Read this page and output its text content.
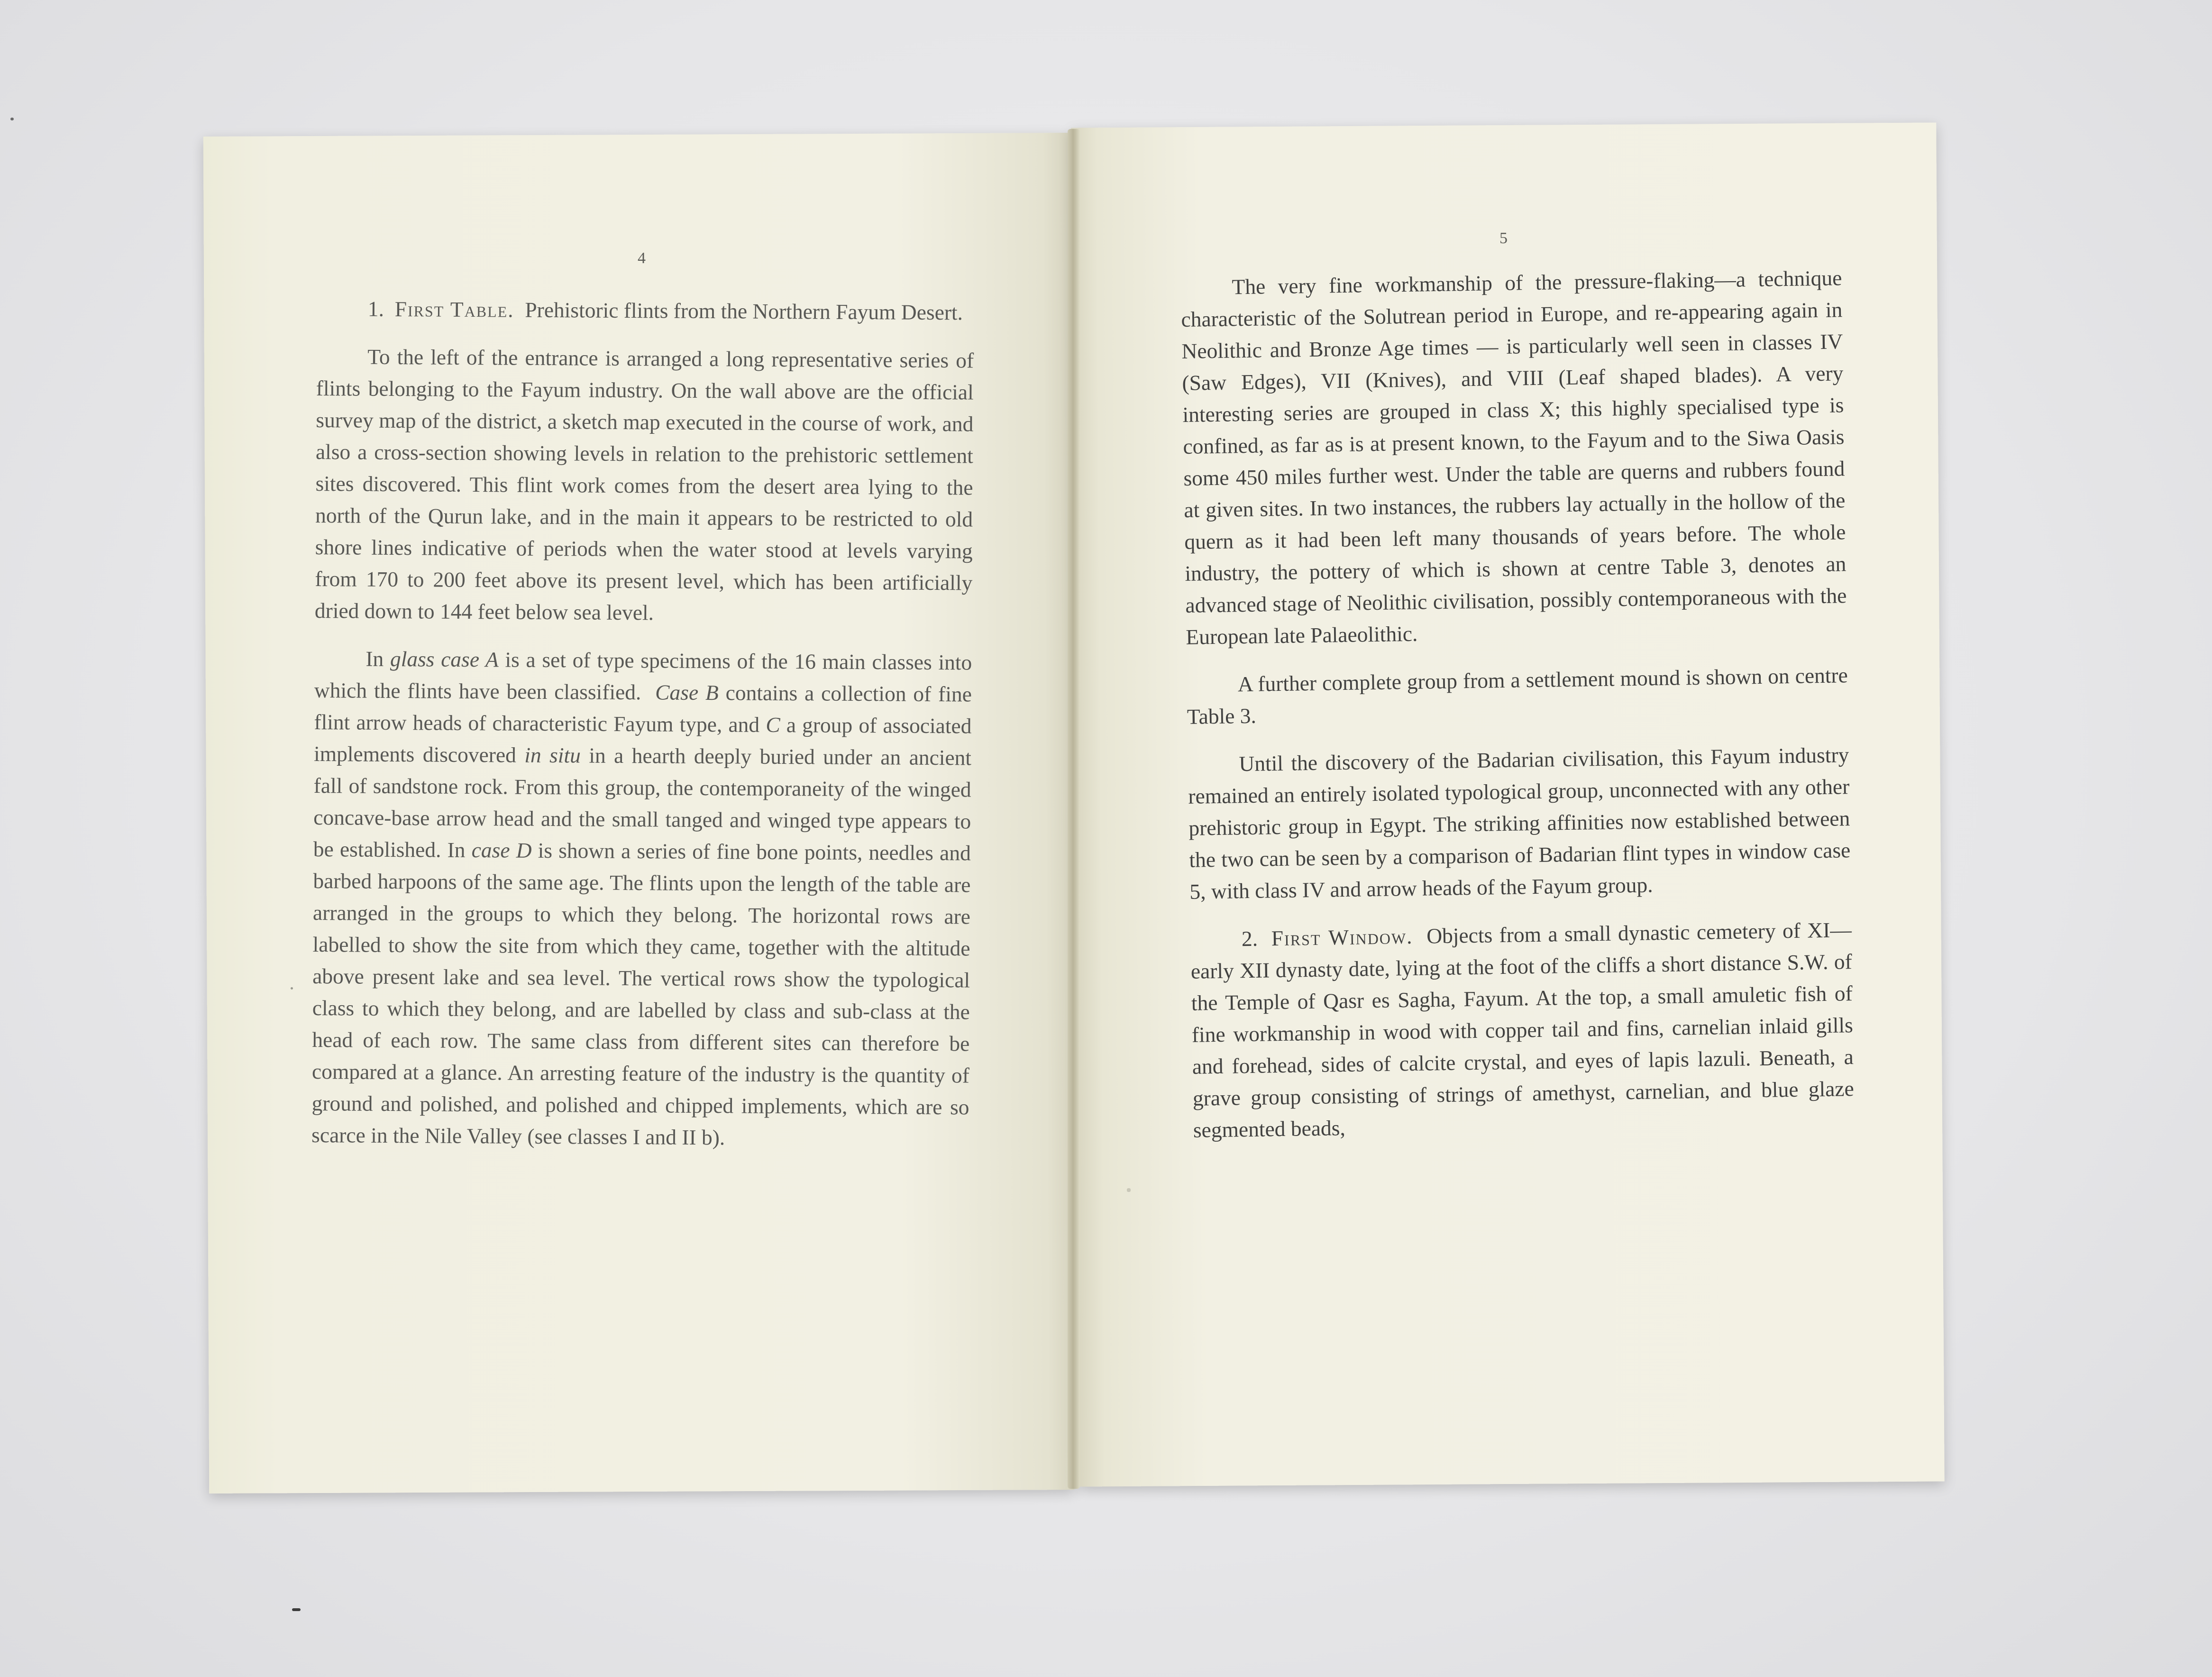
4
5

1. First Table. Prehistoric flints from the Northern Fayum Desert.

To the left of the entrance is arranged a long representative series of flints belonging to the Fayum industry. On the wall above are the official survey map of the district, a sketch map executed in the course of work, and also a cross-section showing levels in relation to the prehistoric settlement sites discovered. This flint work comes from the desert area lying to the north of the Qurun lake, and in the main it appears to be restricted to old shore lines indicative of periods when the water stood at levels varying from 170 to 200 feet above its present level, which has been artificially dried down to 144 feet below sea level.

In glass case A is a set of type specimens of the 16 main classes into which the flints have been classified. Case B contains a collection of fine flint arrow heads of characteristic Fayum type, and C a group of associated implements discovered in situ in a hearth deeply buried under an ancient fall of sandstone rock. From this group, the contemporaneity of the winged concave-base arrow head and the small tanged and winged type appears to be established. In case D is shown a series of fine bone points, needles and barbed harpoons of the same age. The flints upon the length of the table are arranged in the groups to which they belong. The horizontal rows are labelled to show the site from which they came, together with the altitude above present lake and sea level. The vertical rows show the typological class to which they belong, and are labelled by class and sub-class at the head of each row. The same class from different sites can therefore be compared at a glance. An arresting feature of the industry is the quantity of ground and polished, and polished and chipped implements, which are so scarce in the Nile Valley (see classes I and II b).

The very fine workmanship of the pressure-flaking—a technique characteristic of the Solutrean period in Europe, and re-appearing again in Neolithic and Bronze Age times — is particularly well seen in classes IV (Saw Edges), VII (Knives), and VIII (Leaf shaped blades). A very interesting series are grouped in class X; this highly specialised type is confined, as far as is at present known, to the Fayum and to the Siwa Oasis some 450 miles further west. Under the table are querns and rubbers found at given sites. In two instances, the rubbers lay actually in the hollow of the quern as it had been left many thousands of years before. The whole industry, the pottery of which is shown at centre Table 3, denotes an advanced stage of Neolithic civilisation, possibly contemporaneous with the European late Palaeolithic.

A further complete group from a settlement mound is shown on centre Table 3.

Until the discovery of the Badarian civilisation, this Fayum industry remained an entirely isolated typological group, unconnected with any other prehistoric group in Egypt. The striking affinities now established between the two can be seen by a comparison of Badarian flint types in window case 5, with class IV and arrow heads of the Fayum group.

2. First Window. Objects from a small dynastic cemetery of XI—early XII dynasty date, lying at the foot of the cliffs a short distance S.W. of the Temple of Qasr es Sagha, Fayum. At the top, a small amuletic fish of fine workmanship in wood with copper tail and fins, carnelian inlaid gills and forehead, sides of calcite crystal, and eyes of lapis lazuli. Beneath, a grave group consisting of strings of amethyst, carnelian, and blue glaze segmented beads,
